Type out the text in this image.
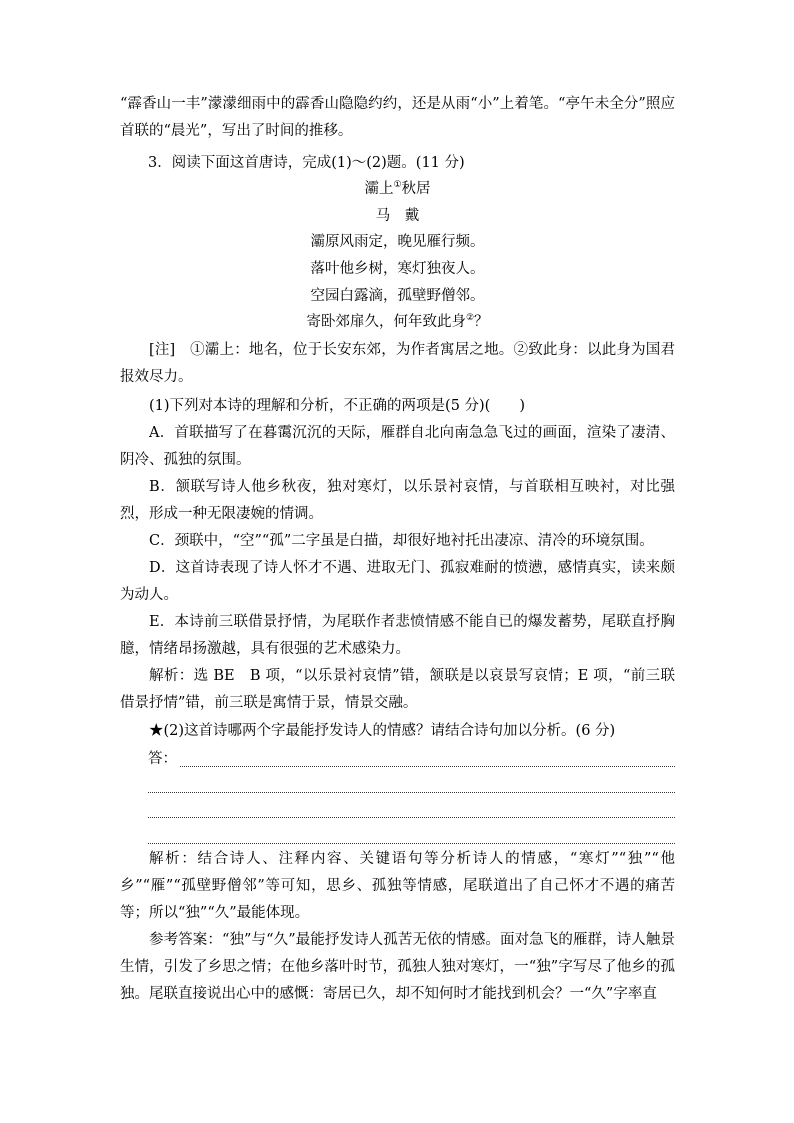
“霹香山一丰”濛濛细雨中的霹香山隐隐约约，还是从雨“小”上着笔。“亭午未全分”照应首联的“晨光”，写出了时间的推移。

3．阅读下面这首唐诗，完成(1)～(2)题。(11 分)
灞上①秋居
马　戴
灞原风雨定，晚见雁行频。
落叶他乡树，寒灯独夜人。
空园白露滴，孤壁野僧邻。
寄卧郊扉久，何年致此身②？

[注]　①灞上：地名，位于长安东郊，为作者寓居之地。②致此身：以此身为国君报效尽力。

(1)下列对本诗的理解和分析，不正确的两项是(5 分)(　　)

A．首联描写了在暮霭沉沉的天际，雁群自北向南急急飞过的画面，渲染了凄清、阴冷、孤独的氛围。

B．颔联写诗人他乡秋夜，独对寒灯，以乐景衬哀情，与首联相互映衬，对比强烈，形成一种无限凄婉的情调。

C．颈联中，“空”“孤”二字虽是白描，却很好地衬托出凄凉、清冷的环境氛围。

D．这首诗表现了诗人怀才不遇、进取无门、孤寂难耐的愤懑，感情真实，读来颇为动人。

E．本诗前三联借景抒情，为尾联作者悲愤情感不能自已的爆发蓄势，尾联直抒胸臆，情绪昂扬激越，具有很强的艺术感染力。

解析：选 BE　B 项，“以乐景衬哀情”错，颔联是以哀景写哀情；E 项，“前三联借景抒情”错，前三联是寓情于景，情景交融。

★(2)这首诗哪两个字最能抒发诗人的情感？请结合诗句加以分析。(6 分)

答：

解析：结合诗人、注释内容、关键语句等分析诗人的情感，“寒灯”“独”“他乡”“雁”“孤壁野僧邻”等可知，思乡、孤独等情感，尾联道出了自己怀才不遇的痛苦等；所以“独”“久”最能体现。

参考答案：“独”与“久”最能抒发诗人孤苦无依的情感。面对急飞的雁群，诗人触景生情，引发了乡思之情；在他乡落叶时节，孤独人独对寒灯，一“独”字写尽了他乡的孤独。尾联直接说出心中的感慨：寄居已久，却不知何时才能找到机会？一“久”字率直
